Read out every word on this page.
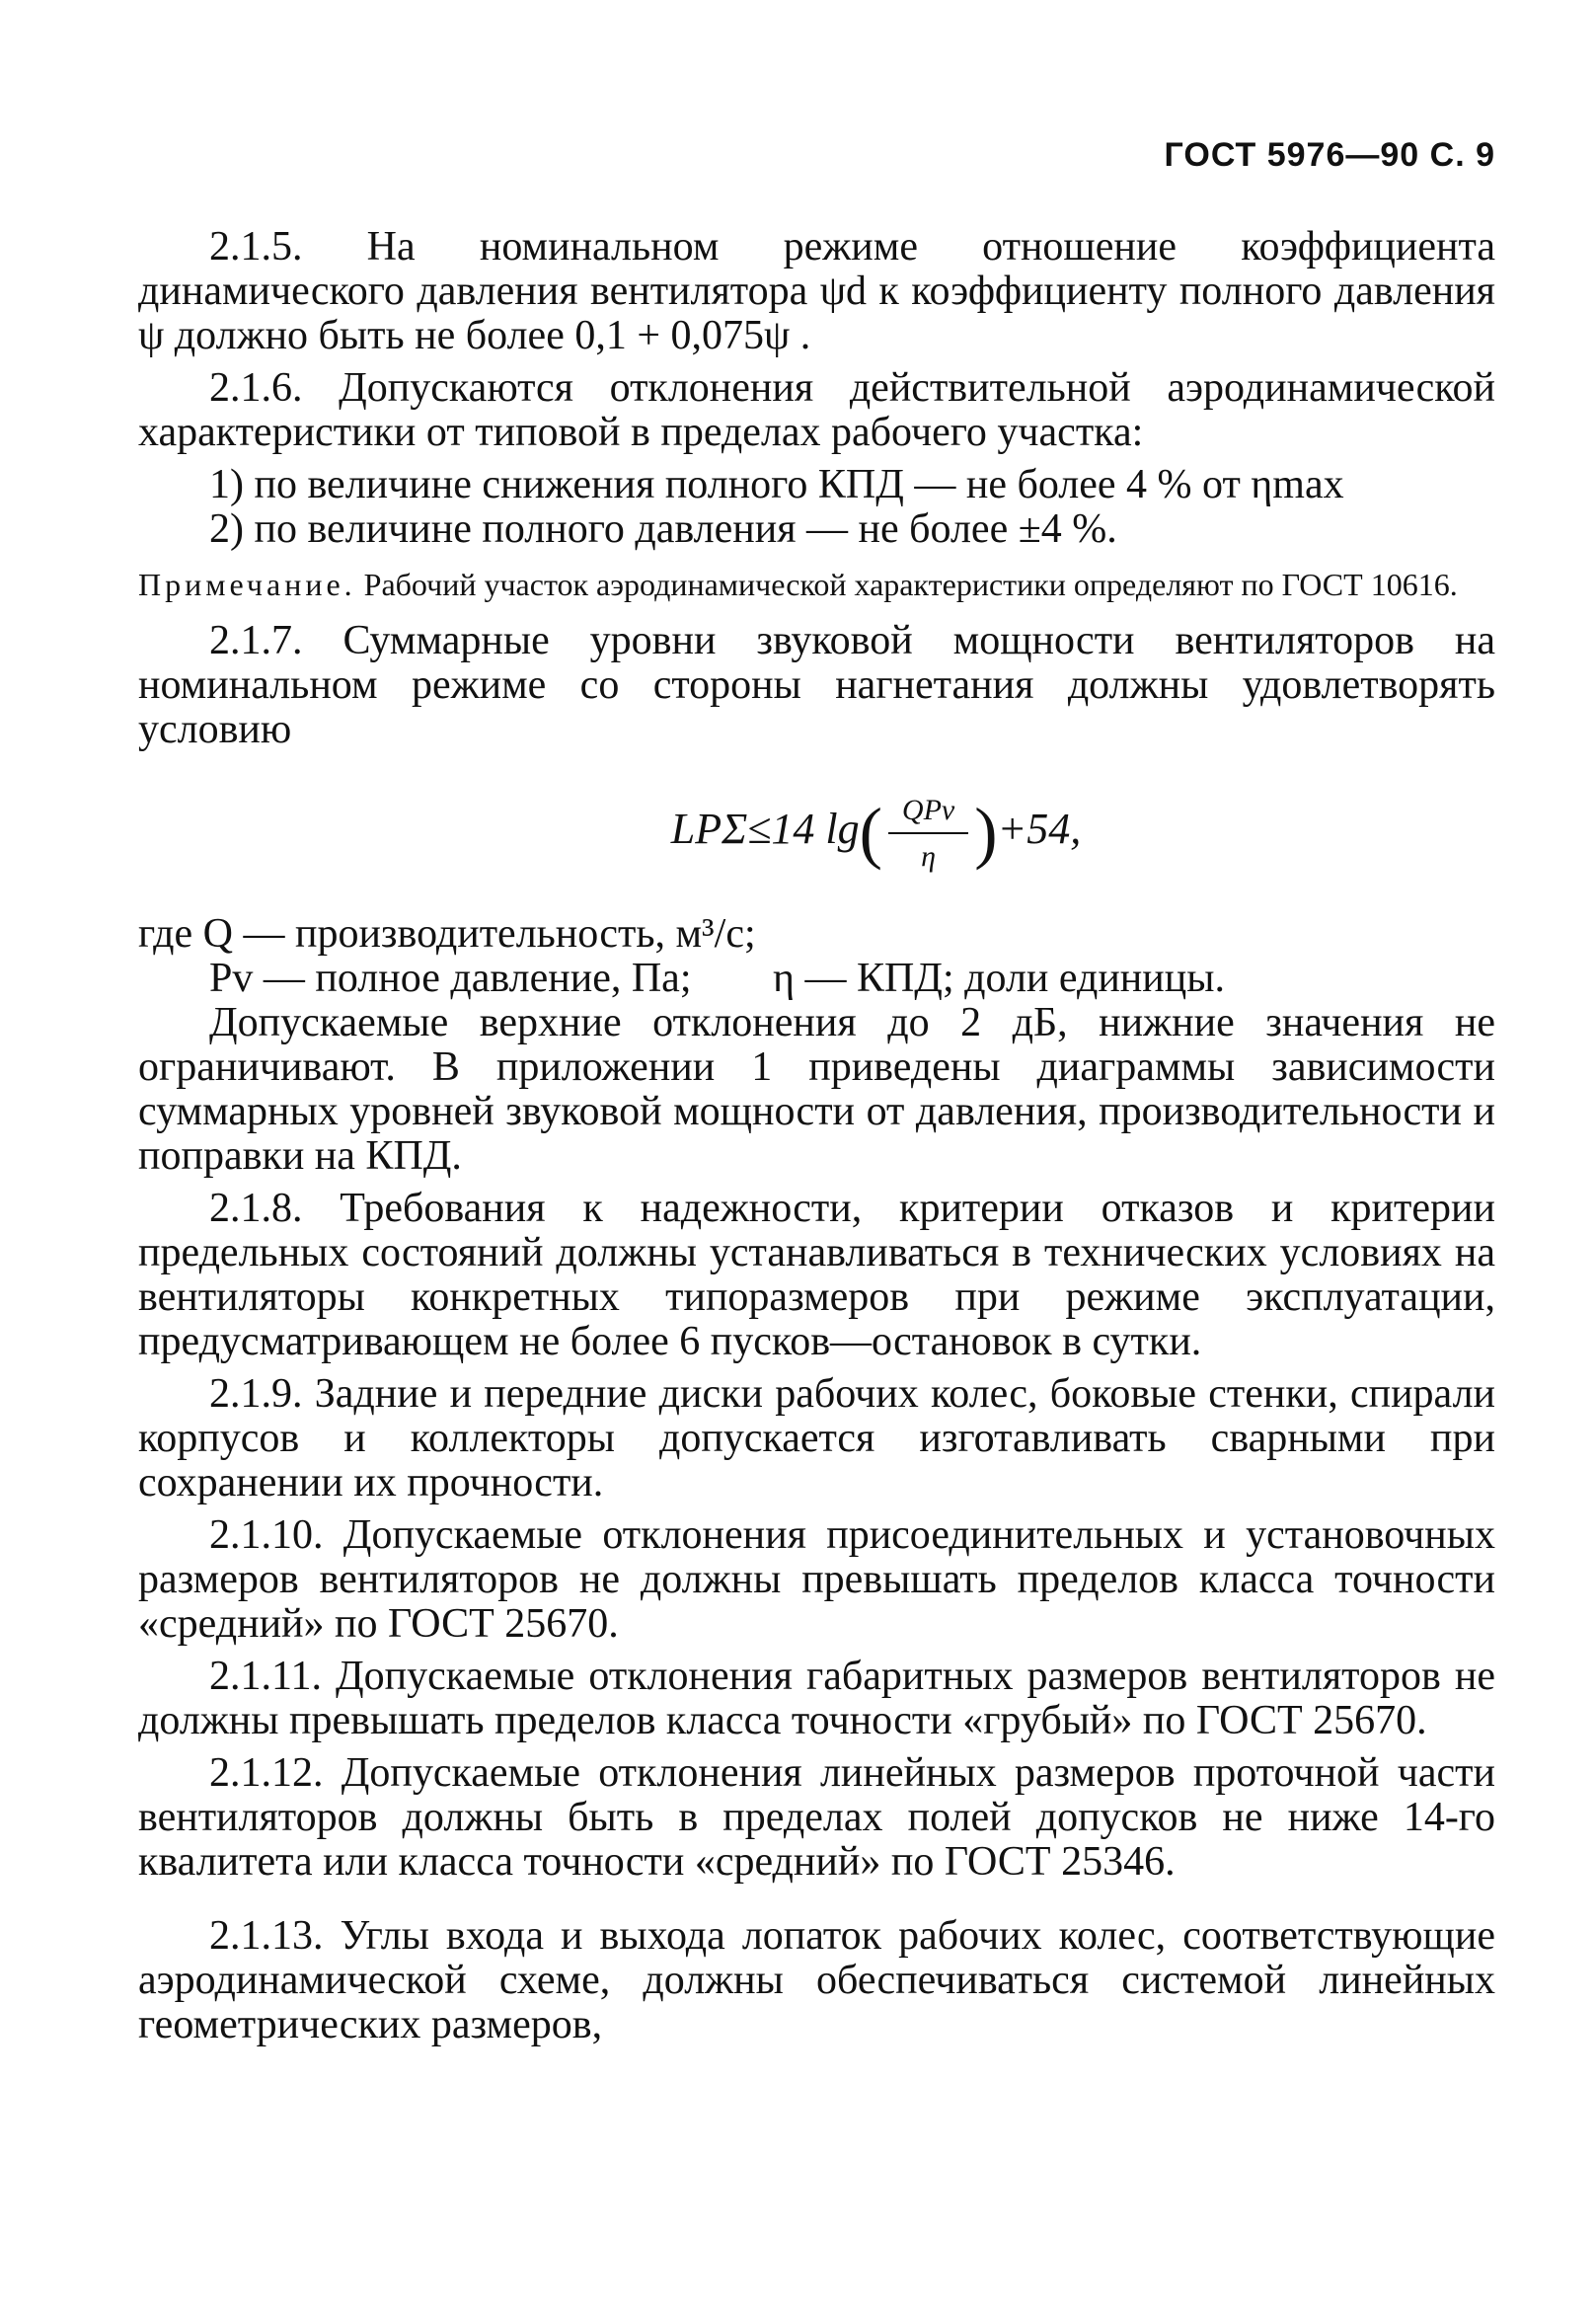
ГОСТ 5976—90 С. 9

2.1.5. На номинальном режиме отношение коэффициента динамического давления вентилятора ψd к коэффициенту полного давления ψ должно быть не более 0,1 + 0,075ψ .

2.1.6. Допускаются отклонения действительной аэродинамической характеристики от типовой в пределах рабочего участка:

1) по величине снижения полного КПД — не более 4 % от ηmax
2) по величине полного давления — не более ±4 %.

Примечание. Рабочий участок аэродинамической характеристики определяют по ГОСТ 10616.

2.1.7. Суммарные уровни звуковой мощности вентиляторов на номинальном режиме со стороны нагнетания должны удовлетворять условию

LPΣ≤14 $\lg( \frac{\text{QPv}}{\eta} )+54$,
где Q — производительность, м³/с;
Pv — полное давление, Па; η — КПД; доли единицы.

Допускаемые верхние отклонения до 2 дБ, нижние значения не ограничивают. В приложении 1 приведены диаграммы зависимости суммарных уровней звуковой мощности от давления, производительности и поправки на КПД.

2.1.8. Требования к надежности, критерии отказов и критерии предельных состояний должны устанавливаться в технических условиях на вентиляторы конкретных типоразмеров при режиме эксплуатации, предусматривающем не более 6 пусков—остановок в сутки.

2.1.9. Задние и передние диски рабочих колес, боковые стенки, спирали корпусов и коллекторы допускается изготавливать сварными при сохранении их прочности.

2.1.10. Допускаемые отклонения присоединительных и установочных размеров вентиляторов не должны превышать пределов класса точности «средний» по ГОСТ 25670.

2.1.11. Допускаемые отклонения габаритных размеров вентиляторов не должны превышать пределов класса точности «грубый» по ГОСТ 25670.

2.1.12. Допускаемые отклонения линейных размеров проточной части вентиляторов должны быть в пределах полей допусков не ниже 14-го квалитета или класса точности «средний» по ГОСТ 25346.

2.1.13. Углы входа и выхода лопаток рабочих колес, соответствующие аэродинамической схеме, должны обеспечиваться системой линейных геометрических размеров,
